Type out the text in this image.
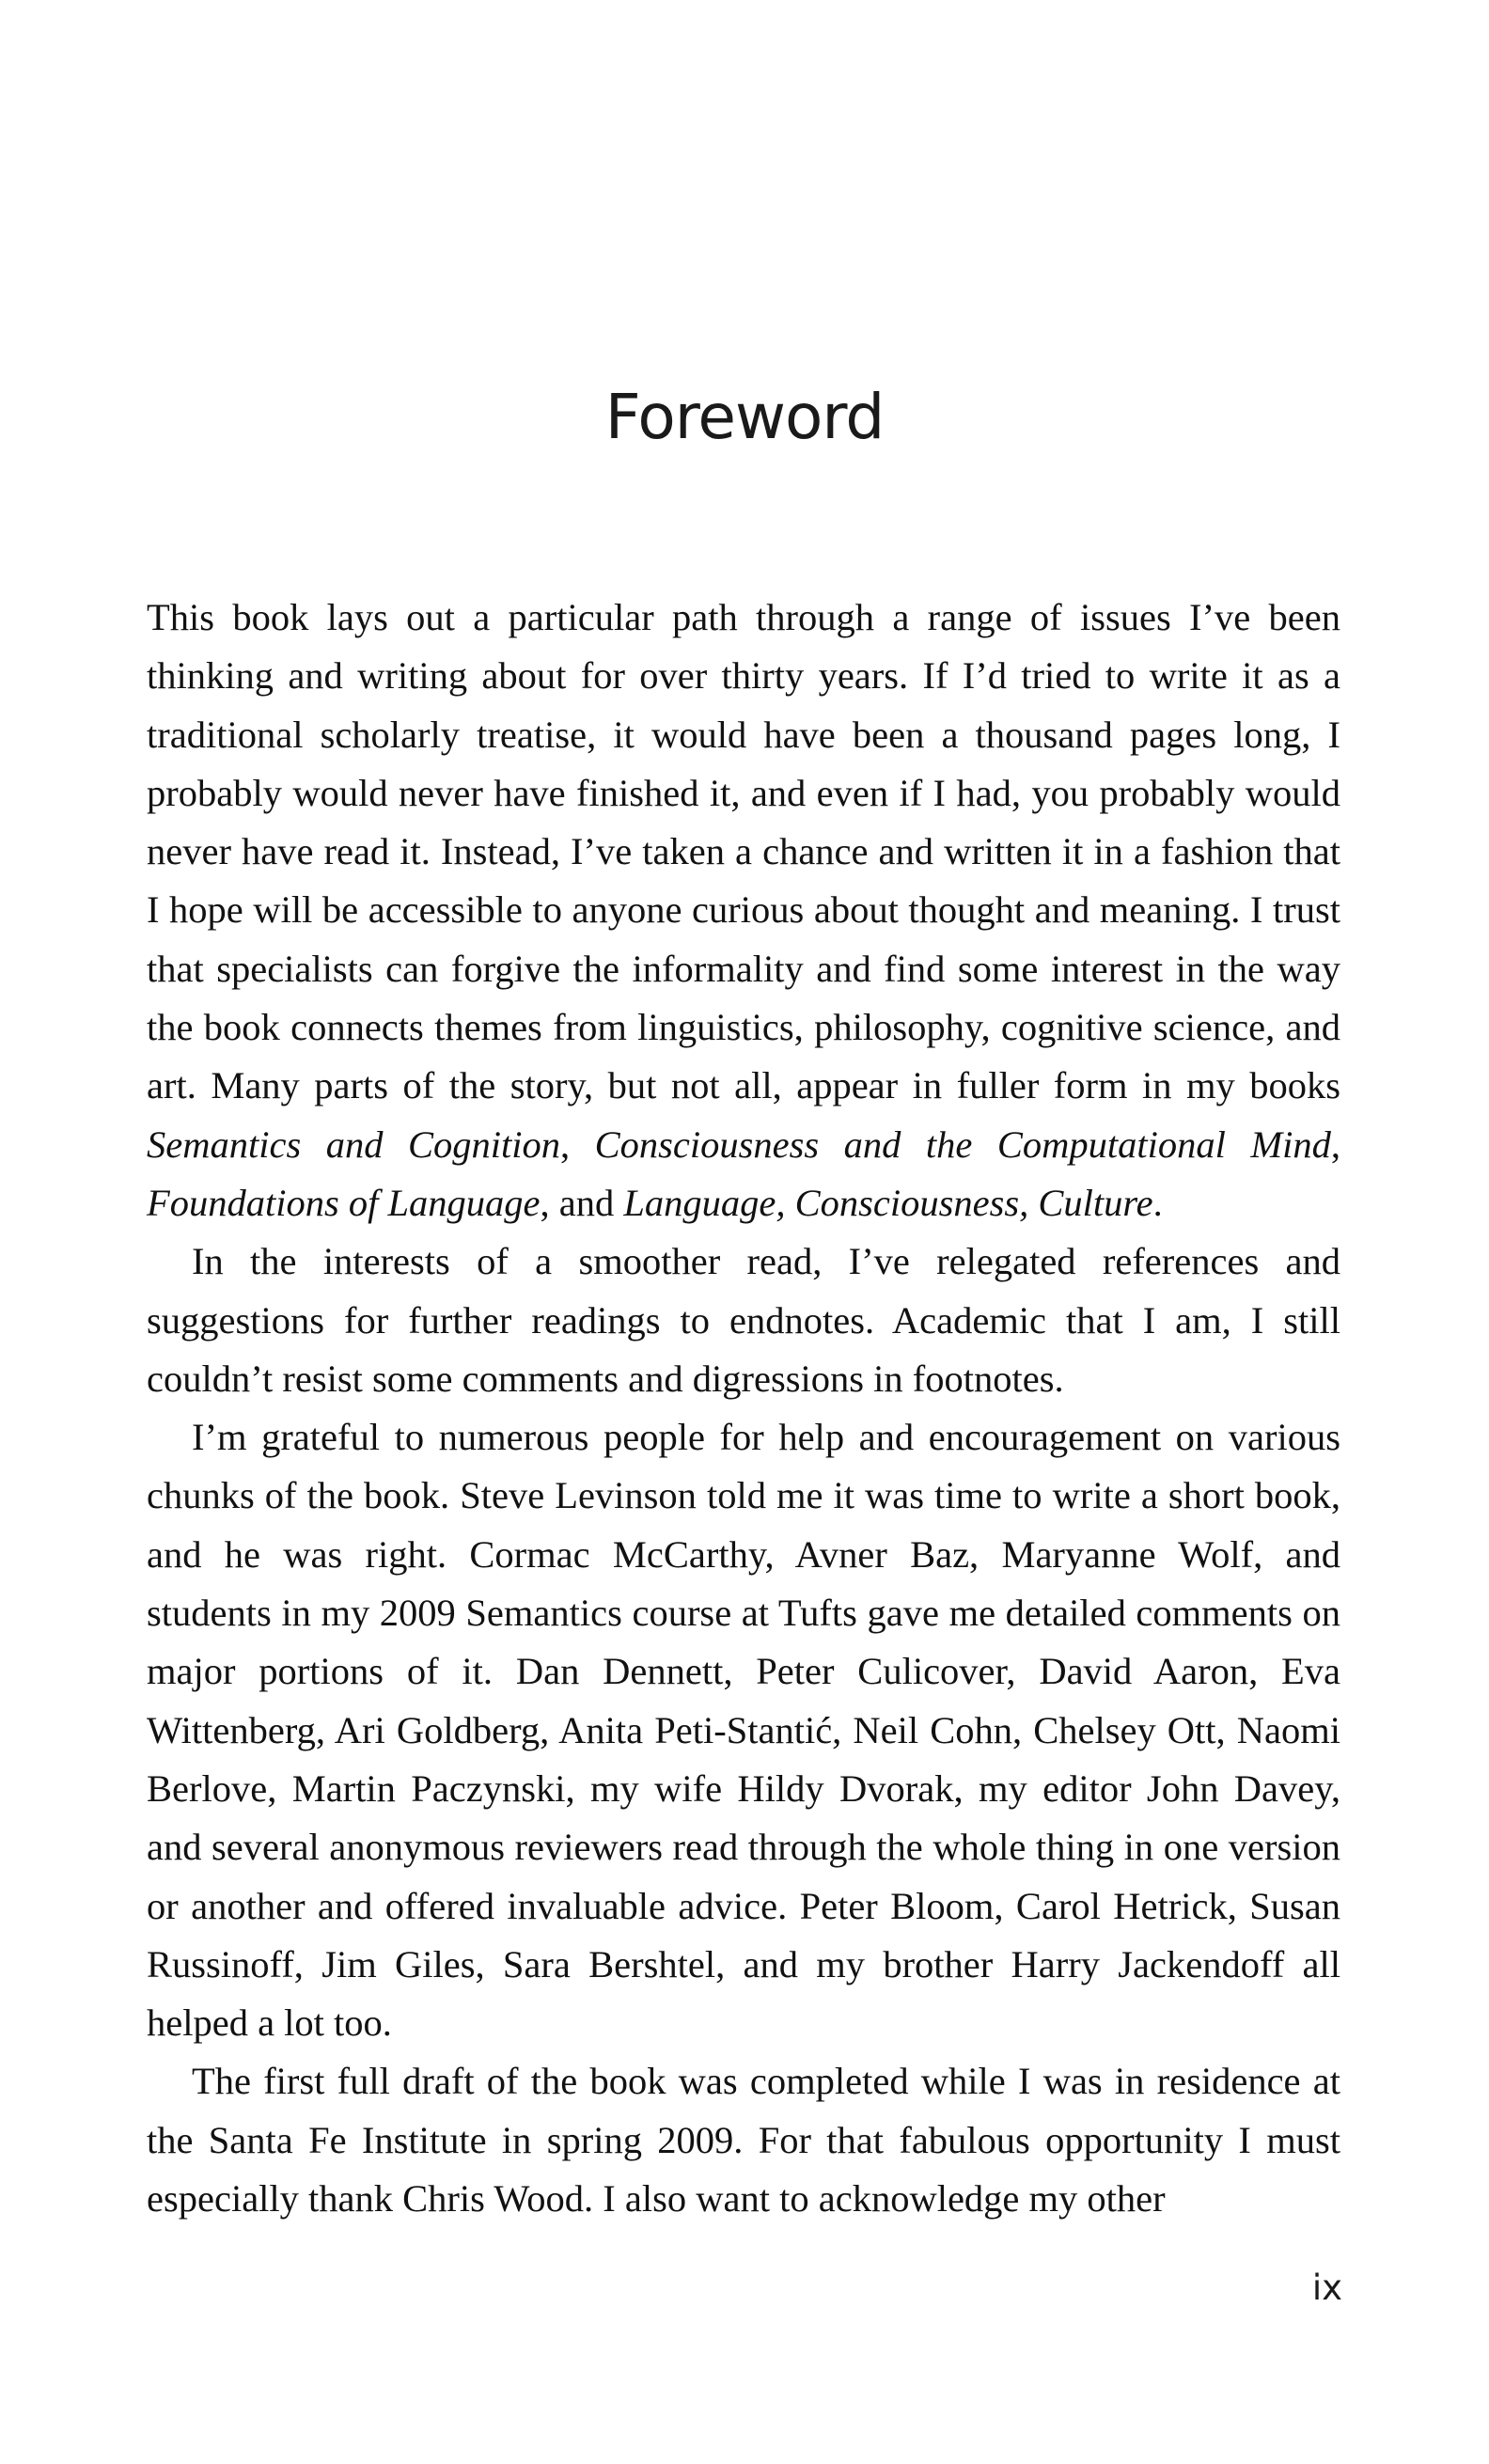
Foreword

This book lays out a particular path through a range of issues I’ve been thinking and writing about for over thirty years. If I’d tried to write it as a traditional scholarly treatise, it would have been a thousand pages long, I probably would never have finished it, and even if I had, you probably would never have read it. Instead, I’ve taken a chance and written it in a fashion that I hope will be accessible to anyone curious about thought and meaning. I trust that specialists can forgive the informality and find some interest in the way the book connects themes from linguistics, philosophy, cognitive science, and art. Many parts of the story, but not all, appear in fuller form in my books Semantics and Cognition, Consciousness and the Computational Mind, Foundations of Language, and Language, Consciousness, Culture.

In the interests of a smoother read, I’ve relegated references and suggestions for further readings to endnotes. Academic that I am, I still couldn’t resist some comments and digressions in footnotes.

I’m grateful to numerous people for help and encouragement on various chunks of the book. Steve Levinson told me it was time to write a short book, and he was right. Cormac McCarthy, Avner Baz, Maryanne Wolf, and students in my 2009 Semantics course at Tufts gave me detailed comments on major portions of it. Dan Dennett, Peter Culicover, David Aaron, Eva Wittenberg, Ari Goldberg, Anita Peti-Stantić, Neil Cohn, Chelsey Ott, Naomi Berlove, Martin Paczynski, my wife Hildy Dvorak, my editor John Davey, and several anonymous reviewers read through the whole thing in one version or another and offered invaluable advice. Peter Bloom, Carol Hetrick, Susan Russinoff, Jim Giles, Sara Bershtel, and my brother Harry Jackendoff all helped a lot too.

The first full draft of the book was completed while I was in residence at the Santa Fe Institute in spring 2009. For that fabulous opportunity I must especially thank Chris Wood. I also want to acknowledge my other

ix
